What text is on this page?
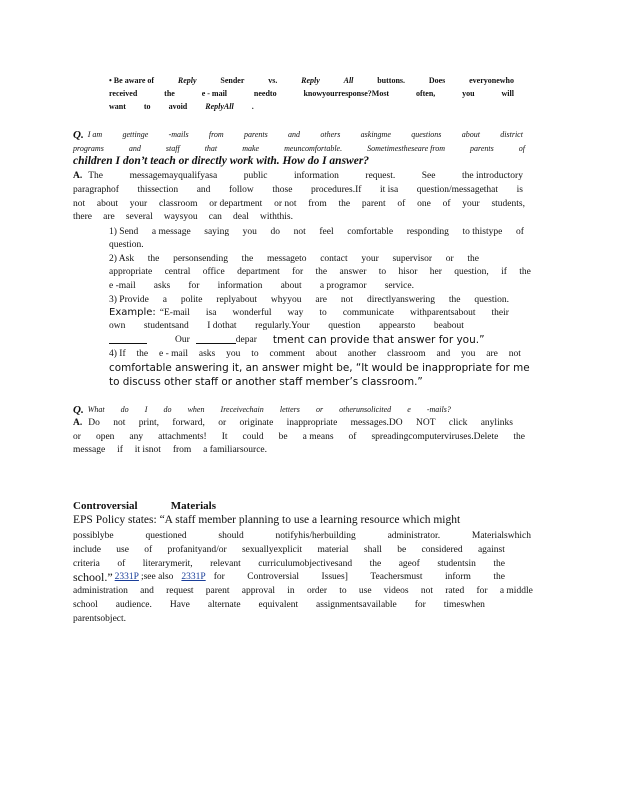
• Be aware of	Reply	Sender	vs.	Reply	All	buttons.	Does	everyonewho
received	the	e - mail	needto	knowyourresponse?Most	often,	you	will
want to avoid ReplyAll .
Q. I am	gettinge	-mails	from	parents	and	others	askingme	questions	about	district
programs	and	staff	that	make	meuncomfortable.	Sometimestheseare from	parents	of
children I don’t teach or directly work with. How do I answer?
A. The	messagemayqualifyasa	public	information	request.	See	the introductory
paragraphof thissection and follow those procedures.If it isa question/messagethat is
not about your classroom or department or not from the parent of one of your students,
there are several waysyou can deal withthis.
1) Send a message saying you do not feel comfortable responding to thistype of
question.
2) Ask the personsending the messageto contact your supervisor or the
appropriate central office department for the answer to hisor her question, if the
e -mail asks for information about a programor service.
3) Provide a polite replyabout whyyou are not directlyanswering the question.
Example: “E-mail isa wonderful way to communicate withparentsabout their
own studentsand I dothat regularly.Your question appearsto beabout
Our	depar tment can provide that answer for you.”
4) If the e - mail asks you to comment about another classroom and you are not
comfortable answering it, an answer might be, “It would be inappropriate for me
to discuss other staff or another staff member’s classroom.”
Q. What do I do when Ireceivechain letters or otherunsolicited e -mails?
A. Do not print, forward, or originate inappropriate messages.DO NOT click anylinks
or open any attachments! It could be a means of spreadingcomputerviruses.Delete the
message if it isnot from a familiarsource.
Controversial	Materials
EPS Policy states: “A staff member planning to use a learning resource which might
possiblybe	questioned	should	notifyhis/herbuilding	administrator.	Materialswhich
include use of profanityand/or sexuallyexplicit material shall be considered against
criteria of literarymerit, relevant curriculumobjectivesand the ageof studentsin the
school.” 2331P ;see also 2331P for Controversial Issues] Teachersmust inform the
administration and request parent approval in order to use videos not rated for a middle
school audience. Have alternate equivalent assignmentsavailable for timeswhen
parentsobject.
